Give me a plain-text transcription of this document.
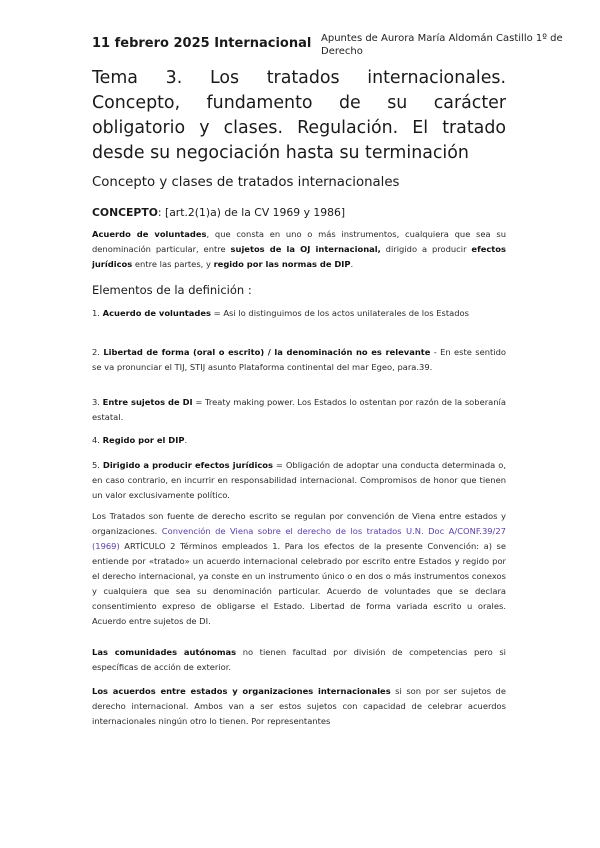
11 febrero 2025 Internacional Apuntes de Aurora María Aldomán Castillo 1º de Derecho
Tema 3. Los tratados internacionales. Concepto, fundamento de su carácter obligatorio y clases. Regulación. El tratado desde su negociación hasta su terminación
Concepto y clases de tratados internacionales
CONCEPTO: [art.2(1)a) de la CV 1969 y 1986]
Acuerdo de voluntades, que consta en uno o más instrumentos, cualquiera que sea su denominación particular, entre sujetos de la OJ internacional, dirigido a producir efectos jurídicos entre las partes, y regido por las normas de DIP.
Elementos de la definición :
1. Acuerdo de voluntades = Asi lo distinguimos de los actos unilaterales de los Estados
2. Libertad de forma (oral o escrito) / la denominación no es relevante - En este sentido se va pronunciar el TIJ, STIJ asunto Plataforma continental del mar Egeo, para.39.
3. Entre sujetos de DI = Treaty making power. Los Estados lo ostentan por razón de la soberanía estatal.
4. Regido por el DIP.
5. Dirigido a producir efectos jurídicos = Obligación de adoptar una conducta determinada o, en caso contrario, en incurrir en responsabilidad internacional. Compromisos de honor que tienen un valor exclusivamente político.
Los Tratados son fuente de derecho escrito se regulan por convención de Viena entre estados y organizaciones. Convención de Viena sobre el derecho de los tratados U.N. Doc A/CONF.39/27 (1969) ARTÍCULO 2 Términos empleados 1. Para los efectos de la presente Convención: a) se entiende por «tratado» un acuerdo internacional celebrado por escrito entre Estados y regido por el derecho internacional, ya conste en un instrumento único o en dos o más instrumentos conexos y cualquiera que sea su denominación particular. Acuerdo de voluntades que se declara consentimiento expreso de obligarse el Estado. Libertad de forma variada escrito u orales. Acuerdo entre sujetos de DI.
Las comunidades autónomas no tienen facultad por división de competencias pero si específicas de acción de exterior.
Los acuerdos entre estados y organizaciones internacionales si son por ser sujetos de derecho internacional. Ambos van a ser estos sujetos con capacidad de celebrar acuerdos internacionales ningún otro lo tienen. Por representantes
